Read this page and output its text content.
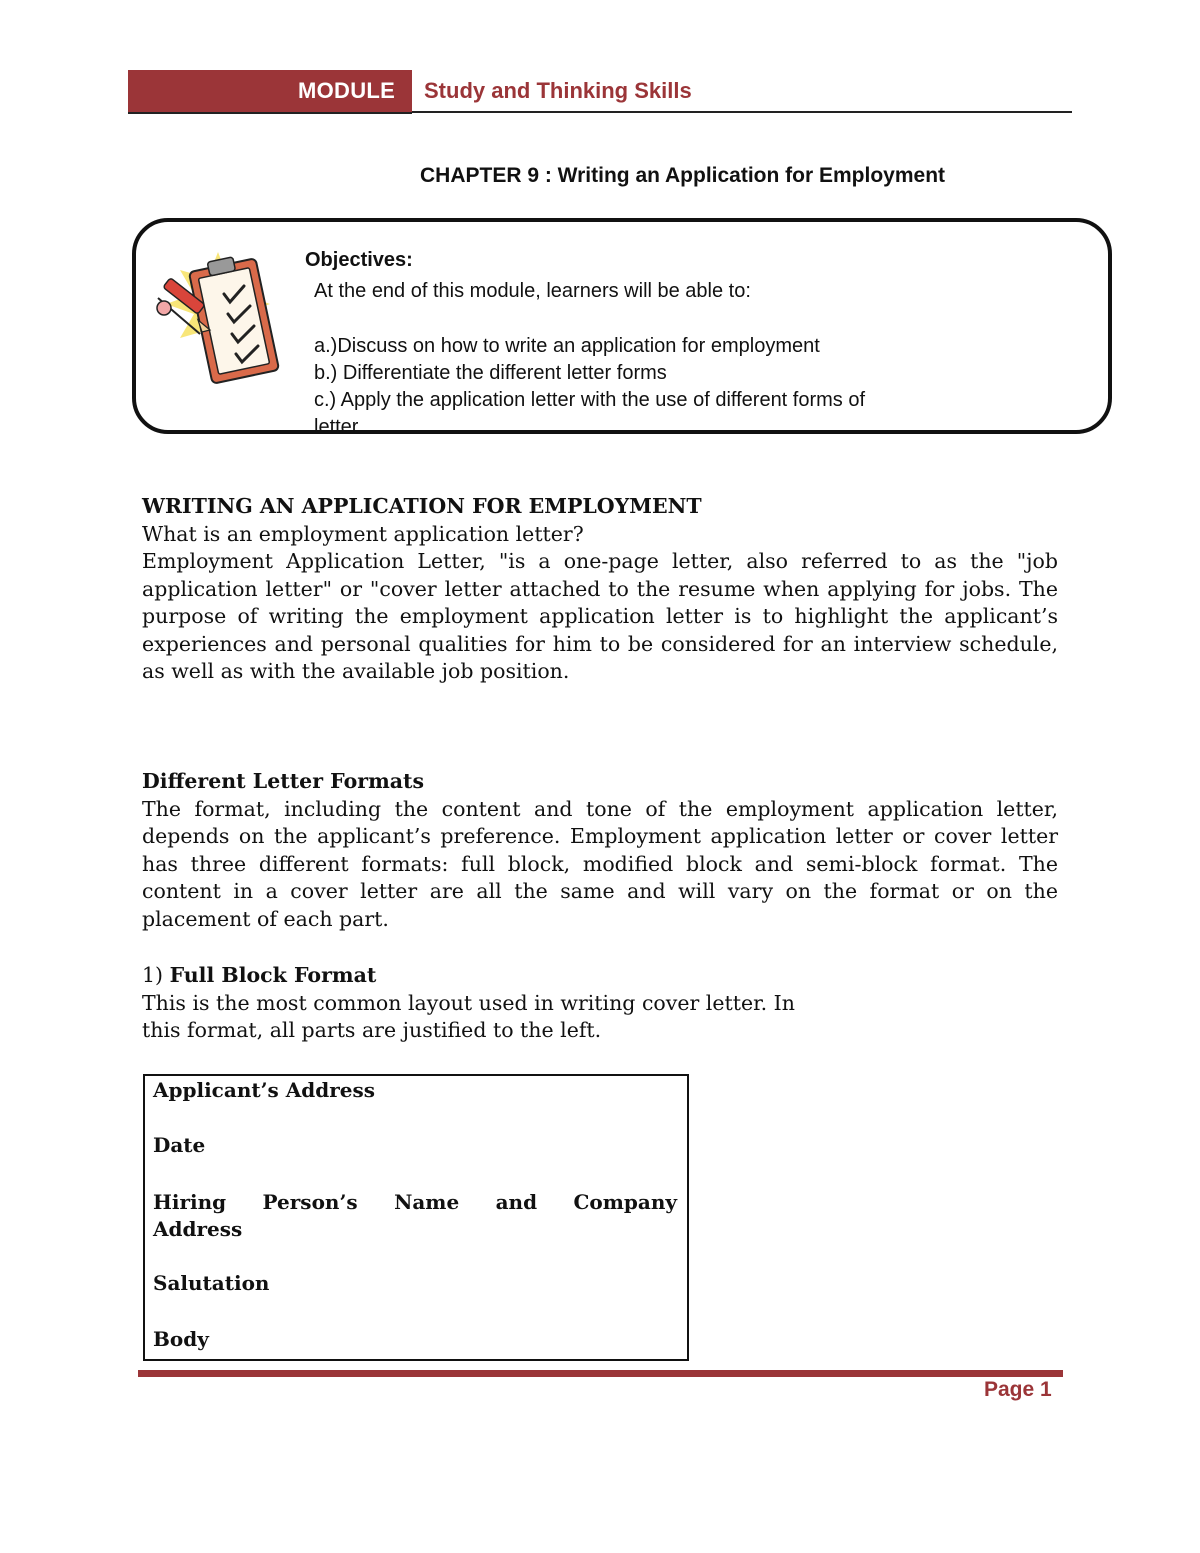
MODULE Study and Thinking Skills
CHAPTER 9 : Writing an Application for Employment
Objectives:
At the end of this module, learners will be able to:
a.)Discuss on how to write an application for employment
b.) Differentiate the different letter forms
c.) Apply the application letter with the use of different forms of
letter
WRITING AN APPLICATION FOR EMPLOYMENT
What is an employment application letter?
Employment Application Letter, "is a one-page letter, also referred to as the "job application letter" or "cover letter attached to the resume when applying for jobs. The purpose of writing the employment application letter is to highlight the applicant’s experiences and personal qualities for him to be considered for an interview schedule, as well as with the available job position.
Different Letter Formats
The format, including the content and tone of the employment application letter, depends on the applicant’s preference. Employment application letter or cover letter has three different formats: full block, modified block and semi-block format. The content in a cover letter are all the same and will vary on the format or on the placement of each part.
1) Full Block Format
This is the most common layout used in writing cover letter. In
this format, all parts are justified to the left.
Applicant’s Address
Date
Hiring Person’s Name and Company Address
Salutation
Body
Page 1
